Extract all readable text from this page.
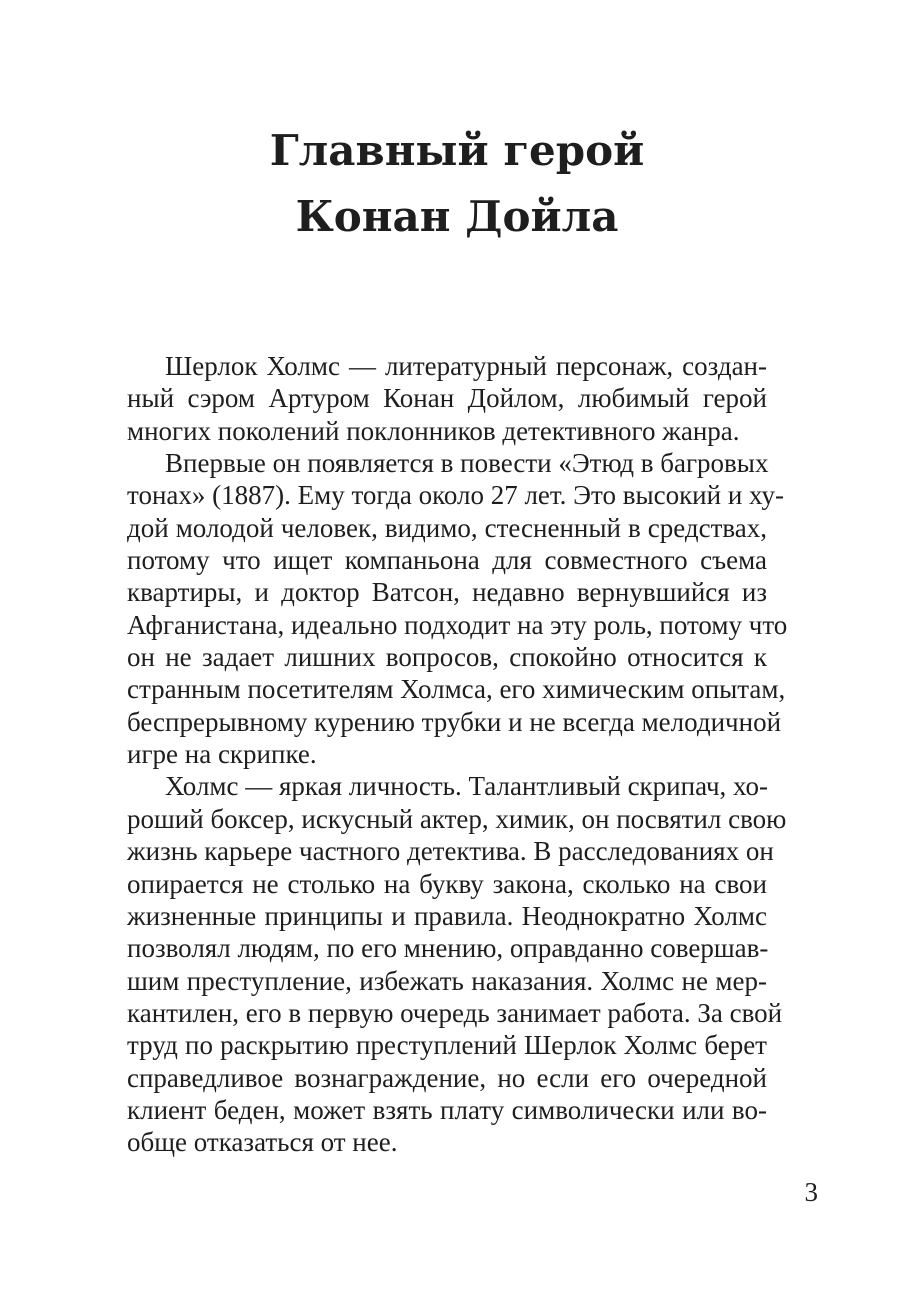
Главный герой
Конан Дойла
Шерлок Холмс — литературный персонаж, создан-
ный сэром Артуром Конан Дойлом, любимый герой
многих поколений поклонников детективного жанра.
Впервые он появляется в повести «Этюд в багровых
тонах» (1887). Ему тогда около 27 лет. Это высокий и ху-
дой молодой человек, видимо, стесненный в средствах,
потому что ищет компаньона для совместного съема
квартиры, и доктор Ватсон, недавно вернувшийся из
Афганистана, идеально подходит на эту роль, потому что
он не задает лишних вопросов, спокойно относится к
странным посетителям Холмса, его химическим опытам,
беспрерывному курению трубки и не всегда мелодичной
игре на скрипке.
Холмс — яркая личность. Талантливый скрипач, хо-
роший боксер, искусный актер, химик, он посвятил свою
жизнь карьере частного детектива. В расследованиях он
опирается не столько на букву закона, сколько на свои
жизненные принципы и правила. Неоднократно Холмс
позволял людям, по его мнению, оправданно совершав-
шим преступление, избежать наказания. Холмс не мер-
кантилен, его в первую очередь занимает работа. За свой
труд по раскрытию преступлений Шерлок Холмс берет
справедливое вознаграждение, но если его очередной
клиент беден, может взять плату символически или во-
обще отказаться от нее.
3
